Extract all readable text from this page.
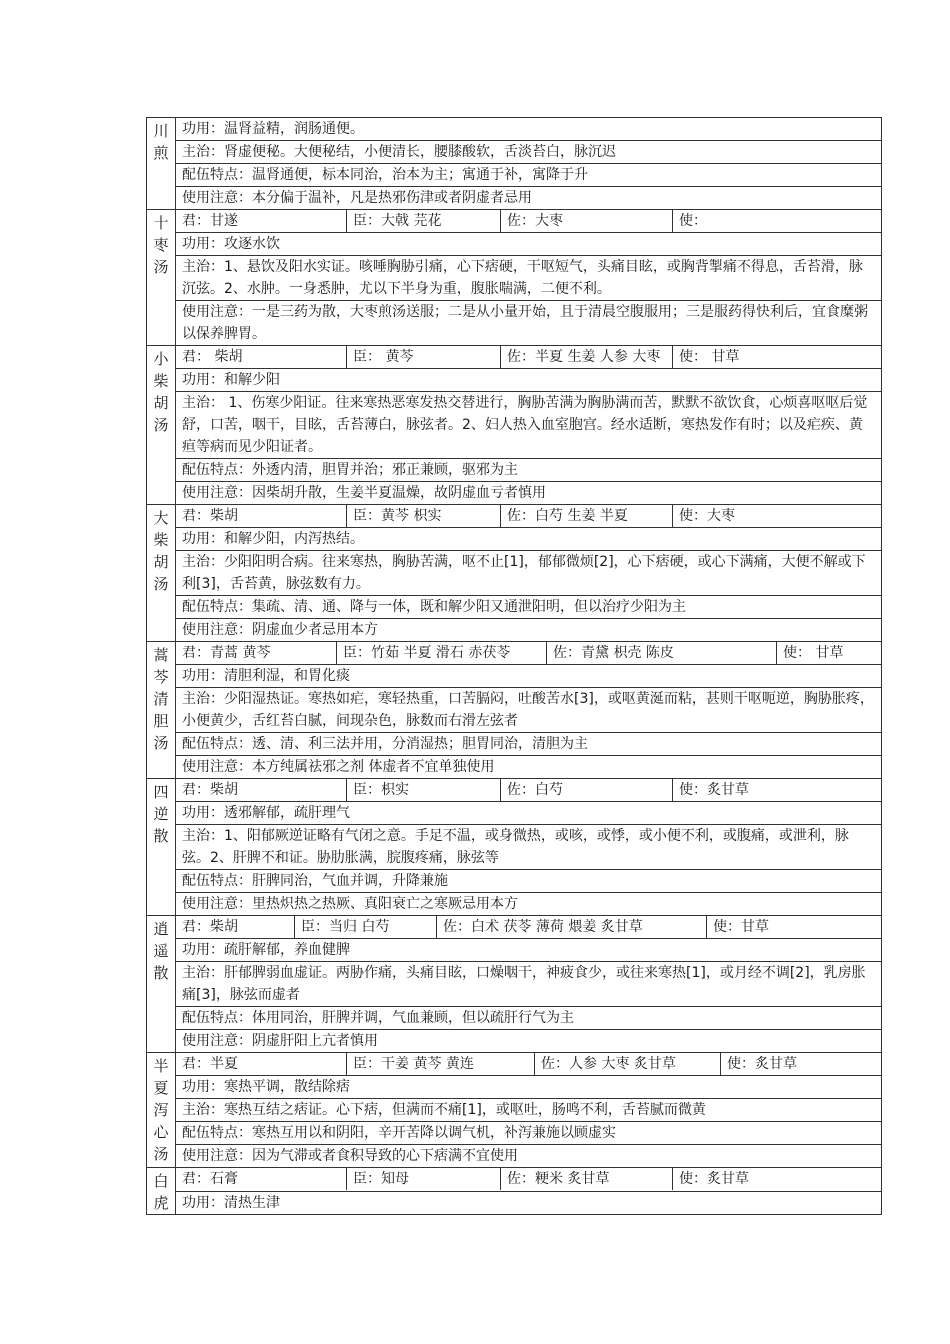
川煎	功用：温肾益精，润肠通便。
	主治：肾虚便秘。大便秘结，小便清长，腰膝酸软，舌淡苔白，脉沉迟
	配伍特点：温肾通便，标本同治，治本为主；寓通于补，寓降于升
	使用注意：本分偏于温补，凡是热邪伤津或者阴虚者忌用

十枣汤	君：甘遂 臣：大戟 芫花 佐：大枣 使：

	功用：攻逐水饮
	主治：1、悬饮及阳水实证。咳唾胸胁引痛，心下痞硬，干呕短气，头痛目眩，或胸背掣痛不得息，舌苔滑，脉沉弦。2、水肿。一身悉肿，尤以下半身为重，腹胀喘满，二便不利。
	使用注意：一是三药为散，大枣煎汤送服；二是从小量开始，且于清晨空腹服用；三是服药得快利后，宜食糜粥以保养脾胃。

小柴胡汤	君： 柴胡 臣： 黄芩 佐：半夏 生姜 人参 大枣 使： 甘草

	功用：和解少阳
	主治： 1、伤寒少阳证。往来寒热恶寒发热交替进行，胸胁苦满为胸胁满而苦，默默不欲饮食，心烦喜呕呕后觉舒，口苦，咽干，目眩，舌苔薄白，脉弦者。2、妇人热入血室胞宫。经水适断，寒热发作有时；以及疟疾、黄疸等病而见少阳证者。
	配伍特点：外透内清，胆胃并治；邪正兼顾，驱邪为主
	使用注意：因柴胡升散，生姜半夏温燥，故阴虚血亏者慎用

大柴胡汤	君：柴胡 臣：黄芩 枳实 佐：白芍 生姜 半夏 使：大枣

	功用：和解少阳，内泻热结。
	主治：少阳阳明合病。往来寒热，胸胁苦满，呕不止[1]，郁郁微烦[2]，心下痞硬，或心下满痛，大便不解或下利[3]，舌苔黄，脉弦数有力。
	配伍特点：集疏、清、通、降与一体，既和解少阳又通泄阳明，但以治疗少阳为主
	使用注意：阴虚血少者忌用本方

蒿芩清胆汤	君：青蒿 黄芩 臣：竹茹 半夏 滑石 赤茯苓 佐：青黛 枳壳 陈皮 使： 甘草

	功用：清胆利湿，和胃化痰
	主治：少阳湿热证。寒热如疟，寒轻热重，口苦膈闷，吐酸苦水[3]，或呕黄涎而粘，甚则干呕呃逆，胸胁胀疼，小便黄少，舌红苔白腻，间现杂色，脉数而右滑左弦者
	配伍特点：透、清、利三法并用，分消湿热；胆胃同治，清胆为主
	使用注意：本方纯属祛邪之剂 体虚者不宜单独使用

四逆散	君：柴胡 臣：枳实 佐：白芍 使：炙甘草

	功用：透邪解郁，疏肝理气
	主治：1、阳郁厥逆证略有气闭之意。手足不温，或身微热，或咳，或悸，或小便不利，或腹痛，或泄利，脉弦。2、肝脾不和证。胁肋胀满，脘腹疼痛，脉弦等
	配伍特点：肝脾同治，气血并调，升降兼施
	使用注意：里热炽热之热厥、真阳衰亡之寒厥忌用本方

逍遥散	君：柴胡 臣：当归 白芍 佐：白术 茯苓 薄荷 煨姜 炙甘草 使：甘草

	功用：疏肝解郁，养血健脾
	主治：肝郁脾弱血虚证。两胁作痛，头痛目眩，口燥咽干，神疲食少，或往来寒热[1]，或月经不调[2]，乳房胀痛[3]，脉弦而虚者
	配伍特点：体用同治，肝脾并调，气血兼顾，但以疏肝行气为主
	使用注意：阴虚肝阳上亢者慎用

半夏泻心汤	君：半夏 臣：干姜 黄芩 黄连 佐：人参 大枣 炙甘草 使：炙甘草

	功用：寒热平调，散结除痞
	主治：寒热互结之痞证。心下痞，但满而不痛[1]，或呕吐，肠鸣不利，舌苔腻而微黄
	配伍特点：寒热互用以和阴阳，辛开苦降以调气机，补泻兼施以顾虚实
	使用注意：因为气滞或者食积导致的心下痞满不宜使用

白虎	君：石膏 臣：知母 佐：粳米 炙甘草 使：炙甘草

	功用：清热生津
